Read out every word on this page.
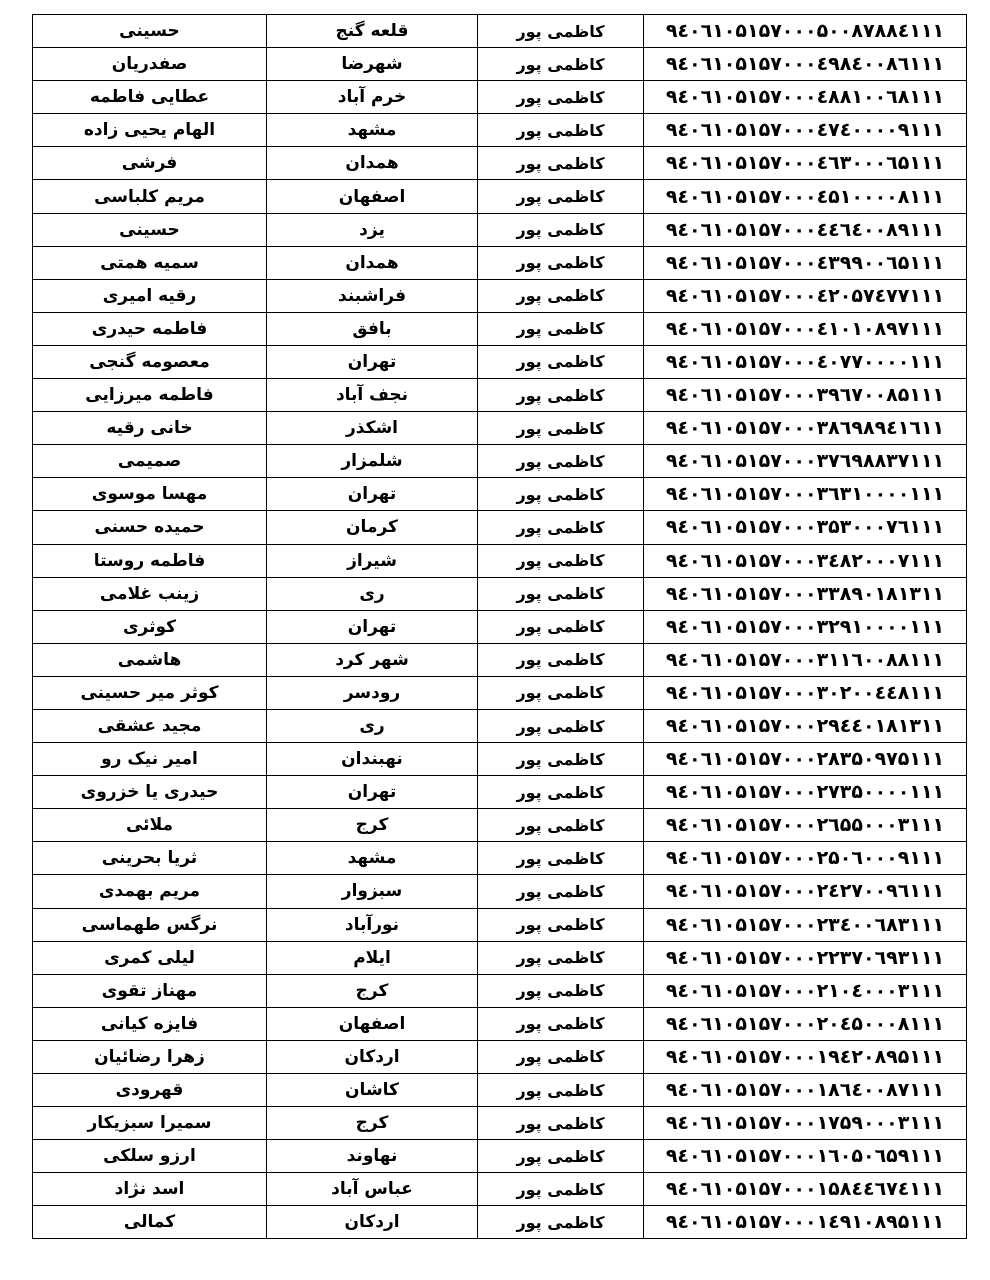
حسینی	قلعه گنج	کاظمی پور	۹٤۰٦۱۰۵۱۵۷۰۰۰۵۰۰۸۷۸۸٤۱۱۱
صفدریان	شهرضا	کاظمی پور	۹٤۰٦۱۰۵۱۵۷۰۰۰٤۹۸٤۰۰۸٦۱۱۱
عطایی فاطمه	خرم آباد	کاظمی پور	۹٤۰٦۱۰۵۱۵۷۰۰۰٤۸۸۱۰۰٦۸۱۱۱
الهام یحیی زاده	مشهد	کاظمی پور	۹٤۰٦۱۰۵۱۵۷۰۰۰٤۷٤۰۰۰۰۹۱۱۱
فرشی	همدان	کاظمی پور	۹٤۰٦۱۰۵۱۵۷۰۰۰٤٦۳۰۰۰٦۵۱۱۱
مریم کلباسی	اصفهان	کاظمی پور	۹٤۰٦۱۰۵۱۵۷۰۰۰٤۵۱۰۰۰۰۸۱۱۱
حسینی	یزد	کاظمی پور	۹٤۰٦۱۰۵۱۵۷۰۰۰٤٤٦٤۰۰۸۹۱۱۱
سمیه همتی	همدان	کاظمی پور	۹٤۰٦۱۰۵۱۵۷۰۰۰٤۳۹۹۰۰٦۵۱۱۱
رقیه امیری	فراشبند	کاظمی پور	۹٤۰٦۱۰۵۱۵۷۰۰۰٤۲۰۵۷٤۷۷۱۱۱
فاطمه حیدری	بافق	کاظمی پور	۹٤۰٦۱۰۵۱۵۷۰۰۰٤۱۰۱۰۸۹۷۱۱۱
معصومه گنجی	تهران	کاظمی پور	۹٤۰٦۱۰۵۱۵۷۰۰۰٤۰۷۷۰۰۰۰۱۱۱
فاطمه میرزایی	نجف آباد	کاظمی پور	۹٤۰٦۱۰۵۱۵۷۰۰۰۳۹٦۷۰۰۸۵۱۱۱
خانی رقیه	اشکذر	کاظمی پور	۹٤۰٦۱۰۵۱۵۷۰۰۰۳۸٦۹۸۹٤۱٦۱۱
صمیمی	شلمزار	کاظمی پور	۹٤۰٦۱۰۵۱۵۷۰۰۰۳۷٦۹۸۸۳۷۱۱۱
مهسا موسوی	تهران	کاظمی پور	۹٤۰٦۱۰۵۱۵۷۰۰۰۳٦۳۱۰۰۰۰۱۱۱
حمیده حسنی	کرمان	کاظمی پور	۹٤۰٦۱۰۵۱۵۷۰۰۰۳۵۳۰۰۰۷٦۱۱۱
فاطمه روستا	شیراز	کاظمی پور	۹٤۰٦۱۰۵۱۵۷۰۰۰۳٤۸۲۰۰۰۷۱۱۱
زینب غلامی	ری	کاظمی پور	۹٤۰٦۱۰۵۱۵۷۰۰۰۳۳۸۹۰۱۸۱۳۱۱
کوثری	تهران	کاظمی پور	۹٤۰٦۱۰۵۱۵۷۰۰۰۳۲۹۱۰۰۰۰۱۱۱
هاشمی	شهر کرد	کاظمی پور	۹٤۰٦۱۰۵۱۵۷۰۰۰۳۱۱٦۰۰۸۸۱۱۱
کوثر میر حسینی	رودسر	کاظمی پور	۹٤۰٦۱۰۵۱۵۷۰۰۰۳۰۲۰۰٤٤۸۱۱۱
مجید عشقی	ری	کاظمی پور	۹٤۰٦۱۰۵۱۵۷۰۰۰۲۹٤٤۰۱۸۱۳۱۱
امیر نیک رو	نهبندان	کاظمی پور	۹٤۰٦۱۰۵۱۵۷۰۰۰۲۸۳۵۰۹۷۵۱۱۱
حیدری یا خزروی	تهران	کاظمی پور	۹٤۰٦۱۰۵۱۵۷۰۰۰۲۷۳۵۰۰۰۰۱۱۱
ملائی	کرج	کاظمی پور	۹٤۰٦۱۰۵۱۵۷۰۰۰۲٦۵۵۰۰۰۳۱۱۱
ثریا بحرینی	مشهد	کاظمی پور	۹٤۰٦۱۰۵۱۵۷۰۰۰۲۵۰٦۰۰۰۹۱۱۱
مریم بهمدی	سبزوار	کاظمی پور	۹٤۰٦۱۰۵۱۵۷۰۰۰۲٤۲۷۰۰۹٦۱۱۱
نرگس طهماسی	نورآباد	کاظمی پور	۹٤۰٦۱۰۵۱۵۷۰۰۰۲۳٤۰۰٦۸۳۱۱۱
لیلی کمری	ایلام	کاظمی پور	۹٤۰٦۱۰۵۱۵۷۰۰۰۲۲۳۷۰٦۹۳۱۱۱
مهناز تقوی	کرج	کاظمی پور	۹٤۰٦۱۰۵۱۵۷۰۰۰۲۱۰٤۰۰۰۳۱۱۱
فایزه کیانی	اصفهان	کاظمی پور	۹٤۰٦۱۰۵۱۵۷۰۰۰۲۰٤۵۰۰۰۸۱۱۱
زهرا رضائیان	اردکان	کاظمی پور	۹٤۰٦۱۰۵۱۵۷۰۰۰۱۹٤۲۰۸۹۵۱۱۱
قهرودی	کاشان	کاظمی پور	۹٤۰٦۱۰۵۱۵۷۰۰۰۱۸٦٤۰۰۸۷۱۱۱
سمیرا سبزیکار	کرج	کاظمی پور	۹٤۰٦۱۰۵۱۵۷۰۰۰۱۷۵۹۰۰۰۳۱۱۱
ارزو سلکی	نهاوند	کاظمی پور	۹٤۰٦۱۰۵۱۵۷۰۰۰۱٦۰۵۰٦۵۹۱۱۱
اسد نژاد	عباس آباد	کاظمی پور	۹٤۰٦۱۰۵۱۵۷۰۰۰۱۵۸٤٤٦۷٤۱۱۱
کمالی	اردکان	کاظمی پور	۹٤۰٦۱۰۵۱۵۷۰۰۰۱٤۹۱۰۸۹۵۱۱۱
